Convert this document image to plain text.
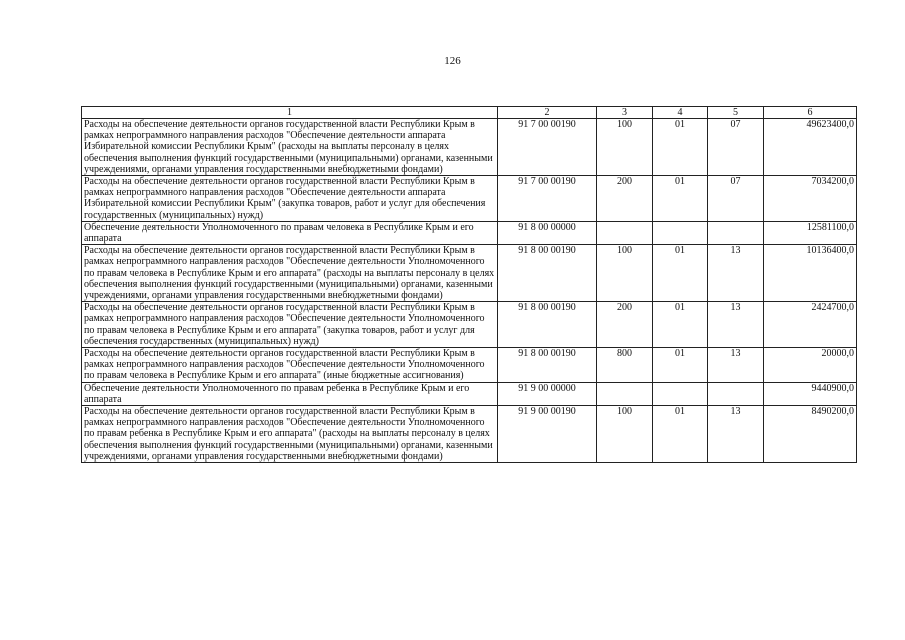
126
1	2	3	4	5	6
Расходы на обеспечение деятельности органов государственной власти Республики Крым в рамках непрограммного направления расходов "Обеспечение деятельности аппарата Избирательной комиссии Республики Крым" (расходы на выплаты персоналу в целях обеспечения выполнения функций государственными (муниципальными) органами, казенными учреждениями, органами управления государственными внебюджетными фондами)	91 7 00 00190	100	01	07	49623400,0
Расходы на обеспечение деятельности органов государственной власти Республики Крым в рамках непрограммного направления расходов "Обеспечение деятельности аппарата Избирательной комиссии Республики Крым" (закупка товаров, работ и услуг для обеспечения государственных (муниципальных) нужд)	91 7 00 00190	200	01	07	7034200,0
Обеспечение деятельности Уполномоченного по правам человека в Республике Крым и его аппарата	91 8 00 00000				12581100,0
Расходы на обеспечение деятельности органов государственной власти Республики Крым в рамках непрограммного направления расходов "Обеспечение деятельности Уполномоченного по правам человека в Республике Крым и его аппарата" (расходы на выплаты персоналу в целях обеспечения выполнения функций государственными (муниципальными) органами, казенными учреждениями, органами управления государственными внебюджетными фондами)	91 8 00 00190	100	01	13	10136400,0
Расходы на обеспечение деятельности органов государственной власти Республики Крым в рамках непрограммного направления расходов "Обеспечение деятельности Уполномоченного по правам человека в Республике Крым и его аппарата" (закупка товаров, работ и услуг для обеспечения государственных (муниципальных) нужд)	91 8 00 00190	200	01	13	2424700,0
Расходы на обеспечение деятельности органов государственной власти Республики Крым в рамках непрограммного направления расходов "Обеспечение деятельности Уполномоченного по правам человека в Республике Крым и его аппарата" (иные бюджетные ассигнования)	91 8 00 00190	800	01	13	20000,0
Обеспечение деятельности Уполномоченного по правам ребенка в Республике Крым и его аппарата	91 9 00 00000				9440900,0
Расходы на обеспечение деятельности органов государственной власти Республики Крым в рамках непрограммного направления расходов "Обеспечение деятельности Уполномоченного по правам ребенка в Республике Крым и его аппарата" (расходы на выплаты персоналу в целях обеспечения выполнения функций государственными (муниципальными) органами, казенными учреждениями, органами управления государственными внебюджетными фондами)	91 9 00 00190	100	01	13	8490200,0
